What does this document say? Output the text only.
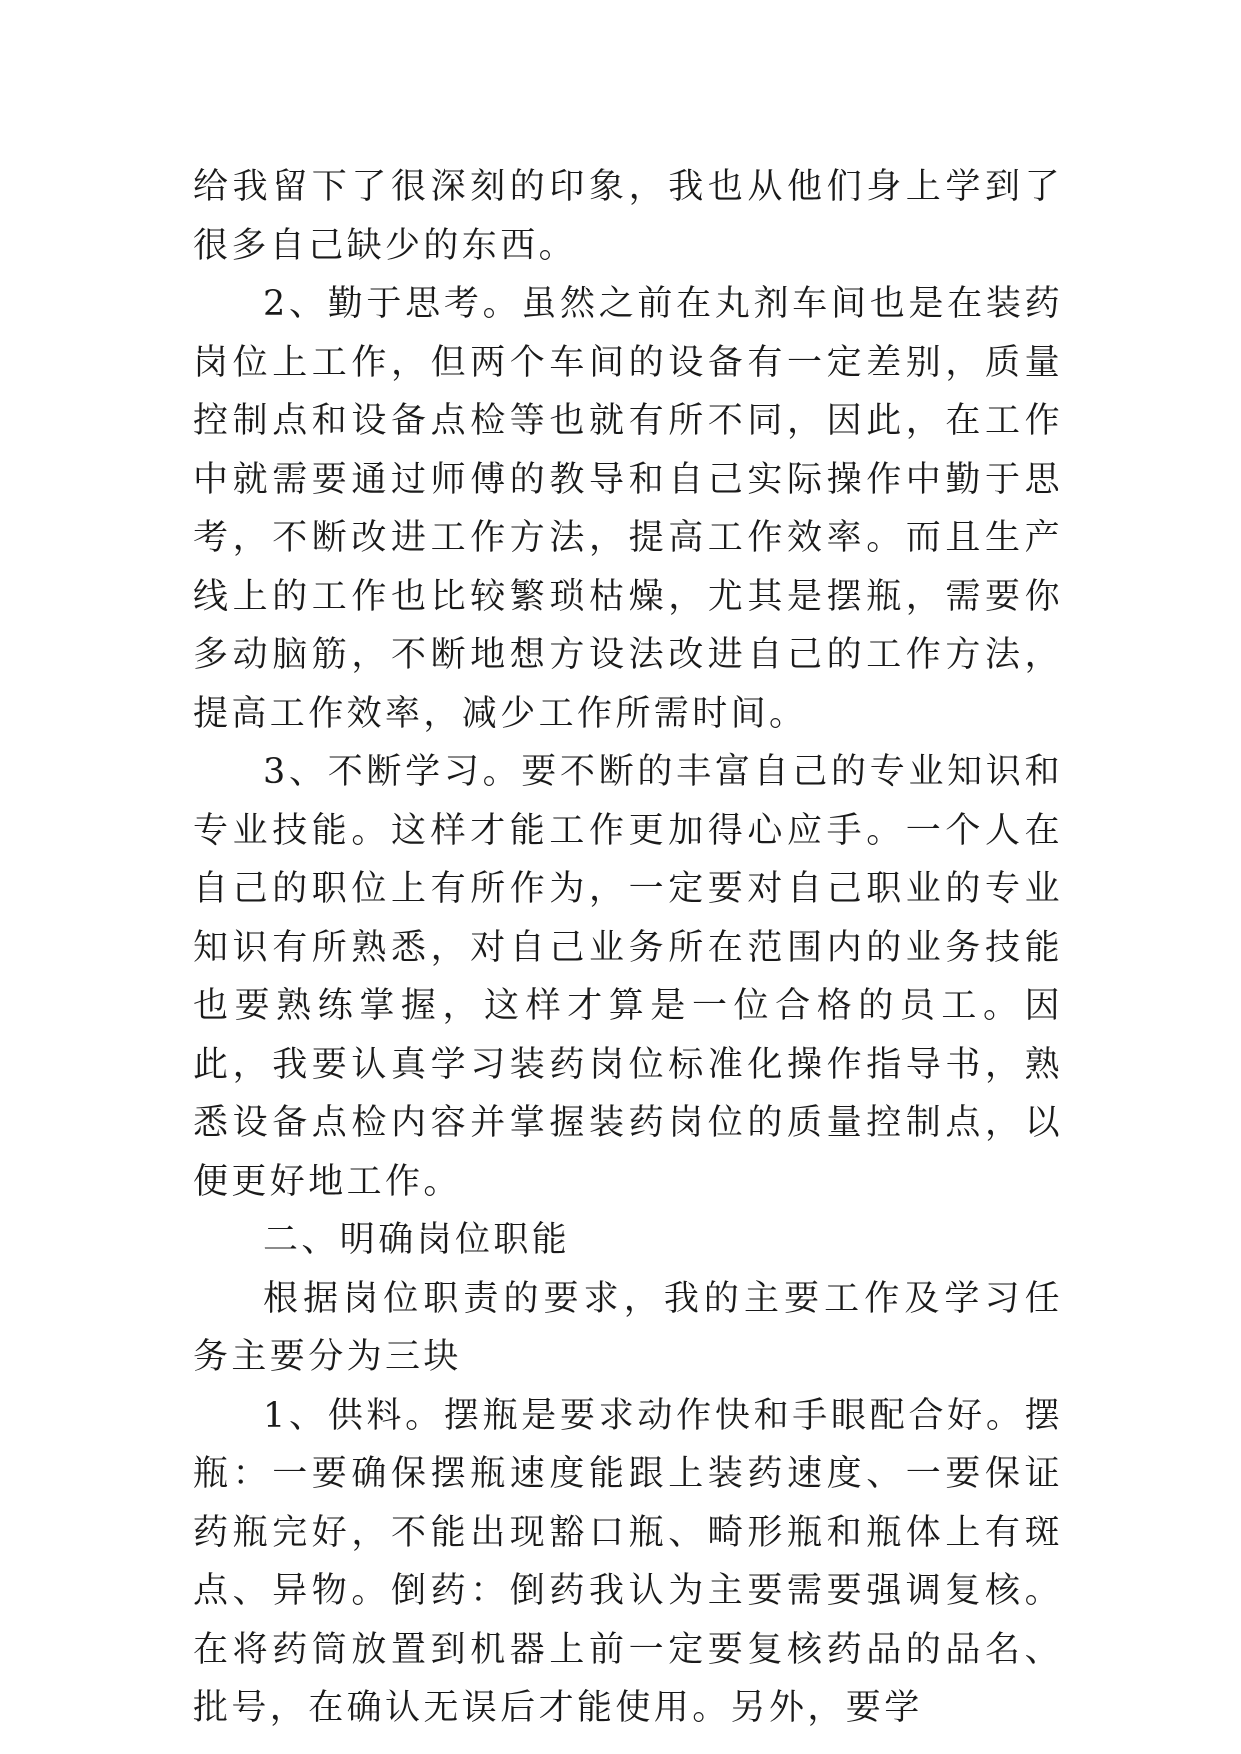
给我留下了很深刻的印象，我也从他们身上学到了很多自己缺少的东西。

2、勤于思考。虽然之前在丸剂车间也是在装药岗位上工作，但两个车间的设备有一定差别，质量控制点和设备点检等也就有所不同，因此，在工作中就需要通过师傅的教导和自己实际操作中勤于思考，不断改进工作方法，提高工作效率。而且生产线上的工作也比较繁琐枯燥，尤其是摆瓶，需要你多动脑筋，不断地想方设法改进自己的工作方法，提高工作效率，减少工作所需时间。

3、不断学习。要不断的丰富自己的专业知识和专业技能。这样才能工作更加得心应手。一个人在自己的职位上有所作为，一定要对自己职业的专业知识有所熟悉，对自己业务所在范围内的业务技能也要熟练掌握，这样才算是一位合格的员工。因此，我要认真学习装药岗位标准化操作指导书，熟悉设备点检内容并掌握装药岗位的质量控制点，以便更好地工作。

二、明确岗位职能

根据岗位职责的要求，我的主要工作及学习任务主要分为三块

1、供料。摆瓶是要求动作快和手眼配合好。摆瓶：一要确保摆瓶速度能跟上装药速度、一要保证药瓶完好，不能出现豁口瓶、畸形瓶和瓶体上有斑点、异物。倒药：倒药我认为主要需要强调复核。在将药筒放置到机器上前一定要复核药品的品名、批号，在确认无误后才能使用。另外，要学
